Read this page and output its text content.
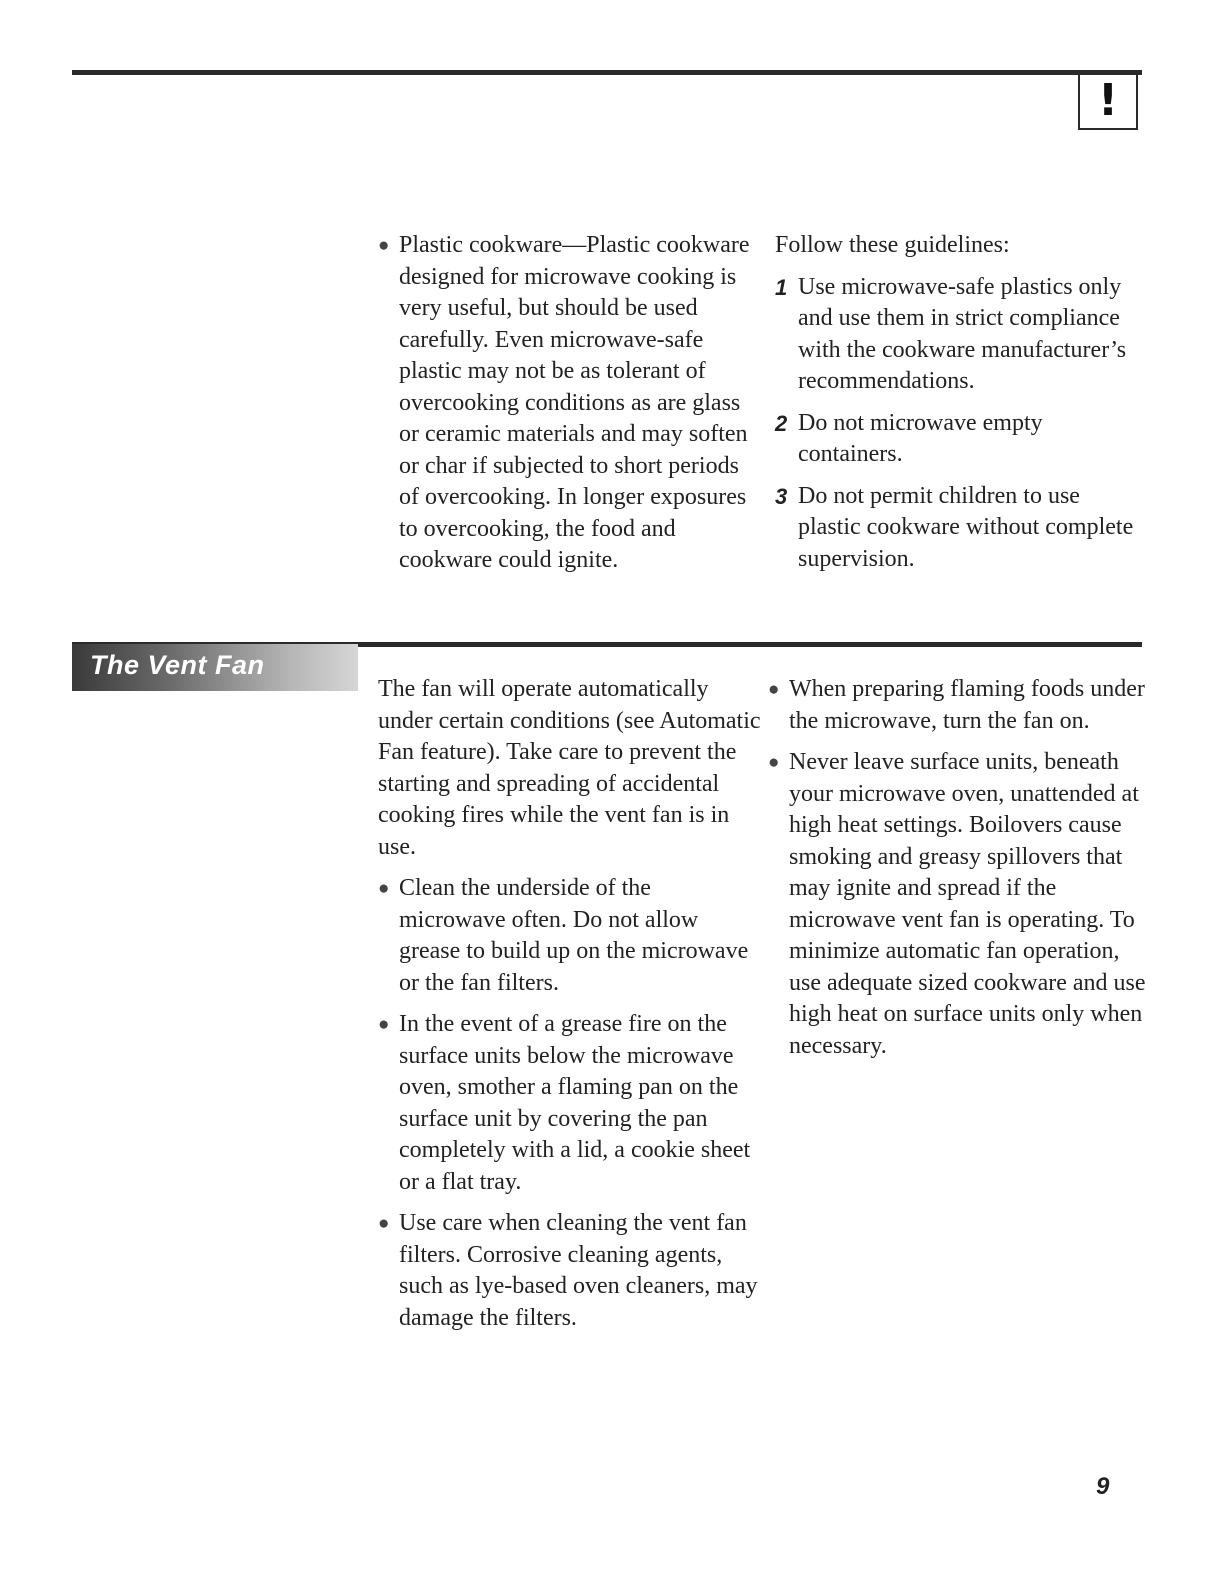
!
● Plastic cookware—Plastic cookware designed for microwave cooking is very useful, but should be used carefully. Even microwave-safe plastic may not be as tolerant of overcooking conditions as are glass or ceramic materials and may soften or char if subjected to short periods of overcooking. In longer exposures to overcooking, the food and cookware could ignite.

Follow these guidelines:

1 Use microwave-safe plastics only and use them in strict compliance with the cookware manufacturer’s recommendations.

2 Do not microwave empty containers.

3 Do not permit children to use plastic cookware without complete supervision.

The Vent Fan

The fan will operate automatically under certain conditions (see Automatic Fan feature). Take care to prevent the starting and spreading of accidental cooking fires while the vent fan is in use.

● Clean the underside of the microwave often. Do not allow grease to build up on the microwave or the fan filters.

● In the event of a grease fire on the surface units below the microwave oven, smother a flaming pan on the surface unit by covering the pan completely with a lid, a cookie sheet or a flat tray.

● Use care when cleaning the vent fan filters. Corrosive cleaning agents, such as lye-based oven cleaners, may damage the filters.

● When preparing flaming foods under the microwave, turn the fan on.

● Never leave surface units, beneath your microwave oven, unattended at high heat settings. Boilovers cause smoking and greasy spillovers that may ignite and spread if the microwave vent fan is operating. To minimize automatic fan operation, use adequate sized cookware and use high heat on surface units only when necessary.

9
